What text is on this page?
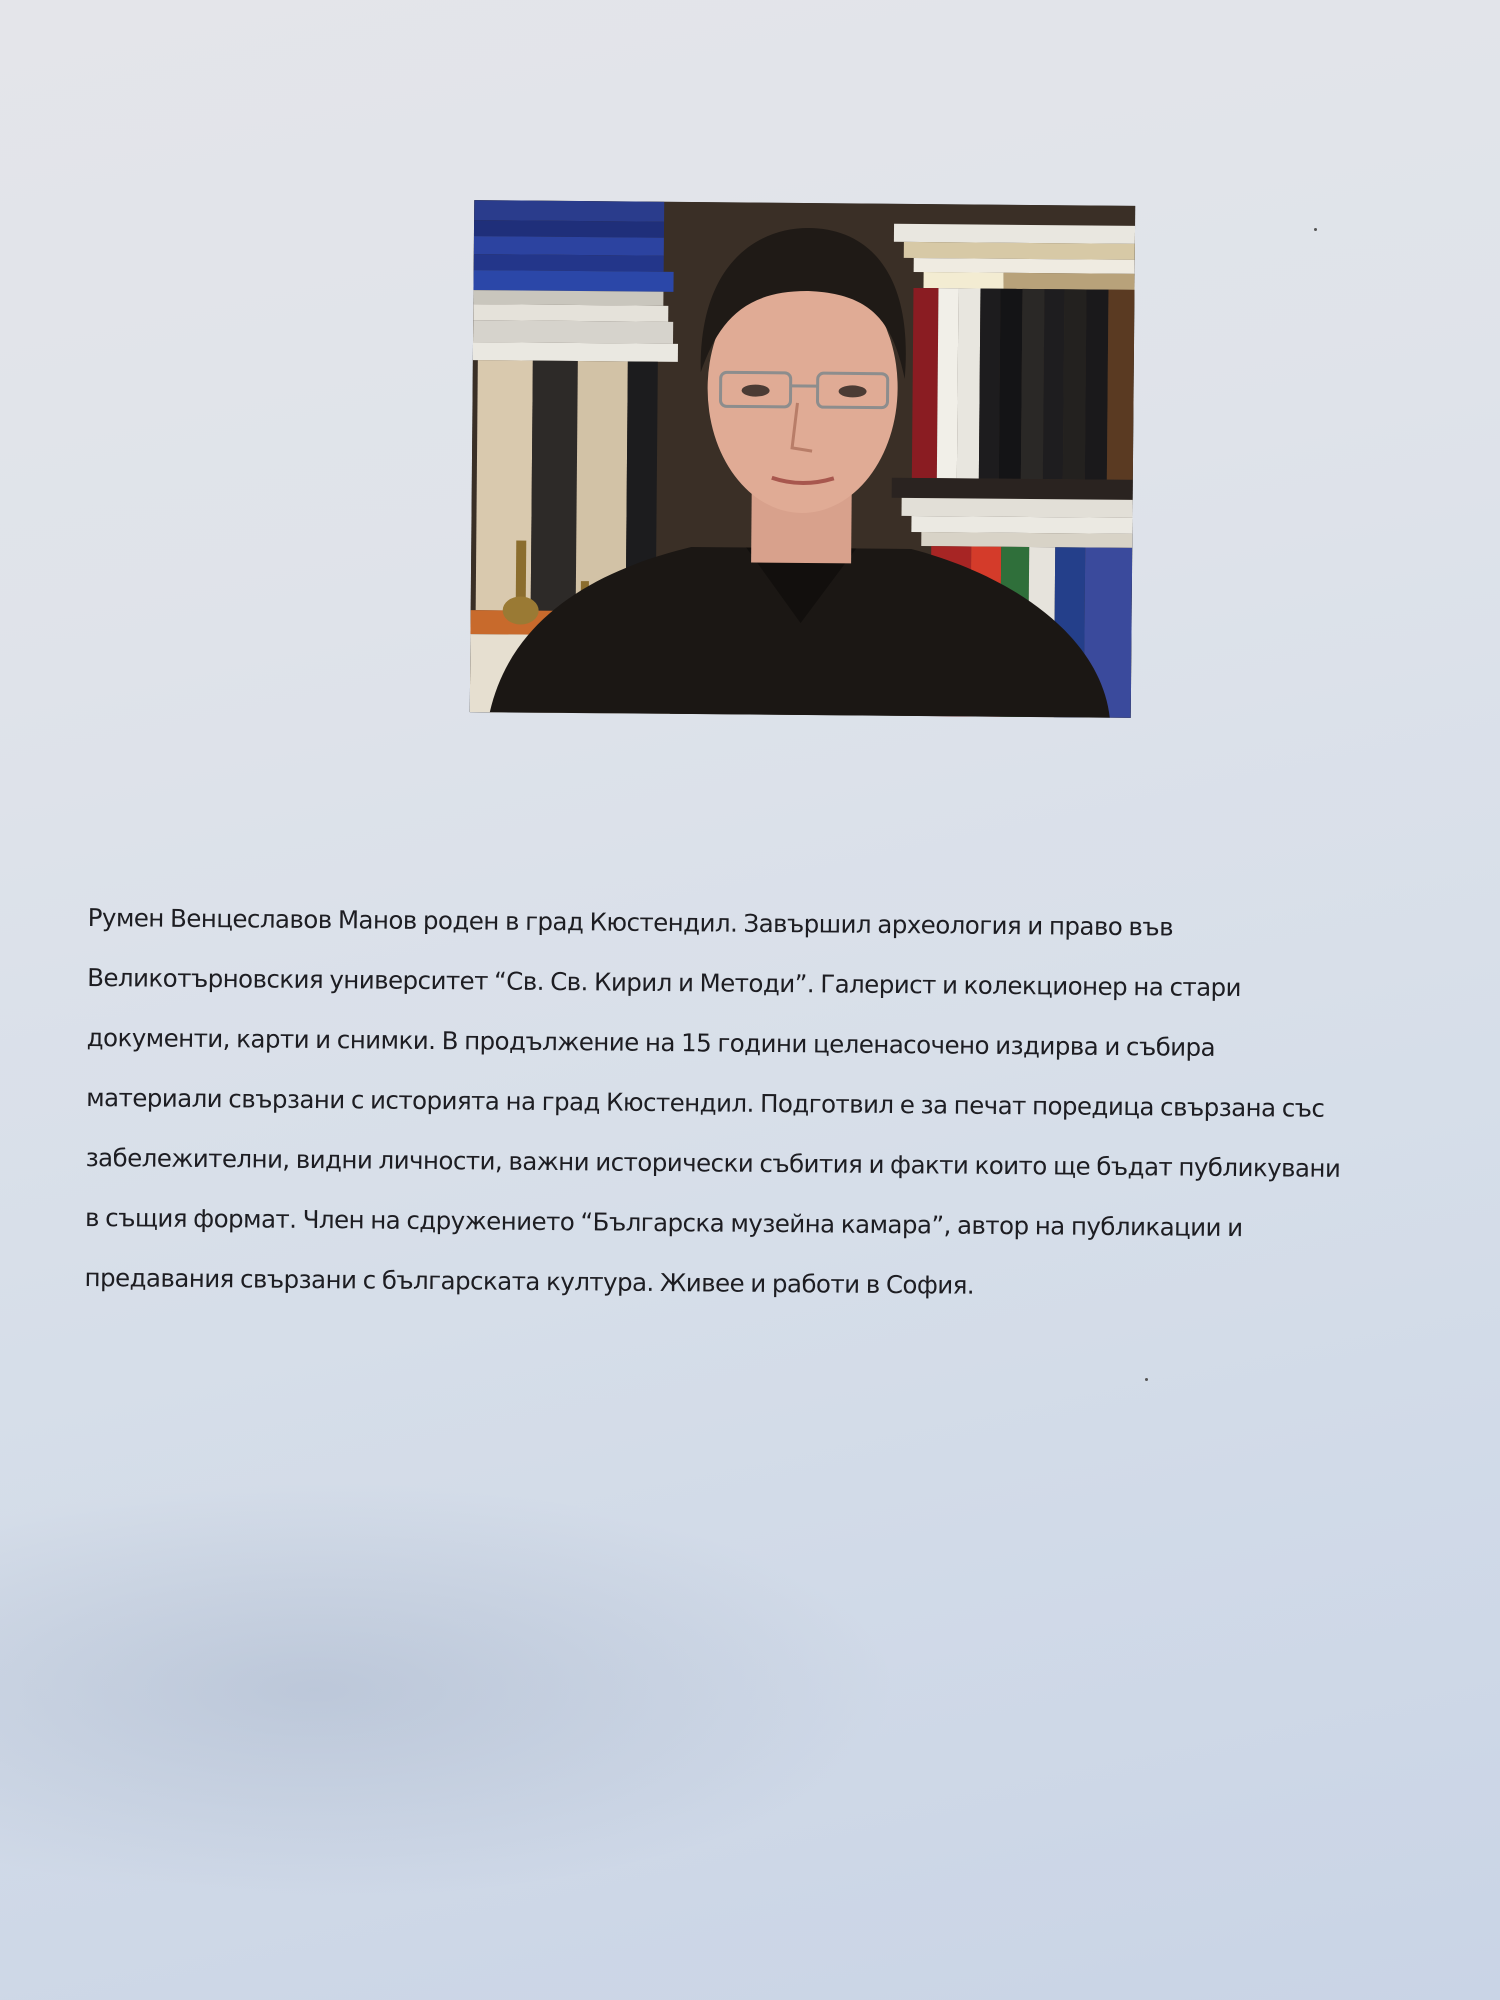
Румен Венцеславов Манов роден в град Кюстендил. Завършил археология и право във
Великотърновския университет “Св. Св. Кирил и Методи”. Галерист и колекционер на стари
документи, карти и снимки. В продължение на 15 години целенасочено издирва и събира
материали свързани с историята на град Кюстендил. Подготвил е за печат поредица свързана със
забележителни, видни личности, важни исторически събития и факти които ще бъдат публикувани
в същия формат. Член на сдружението “Българска музейна камара”, автор на публикации и
предавания свързани с българската култура. Живее и работи в София.
